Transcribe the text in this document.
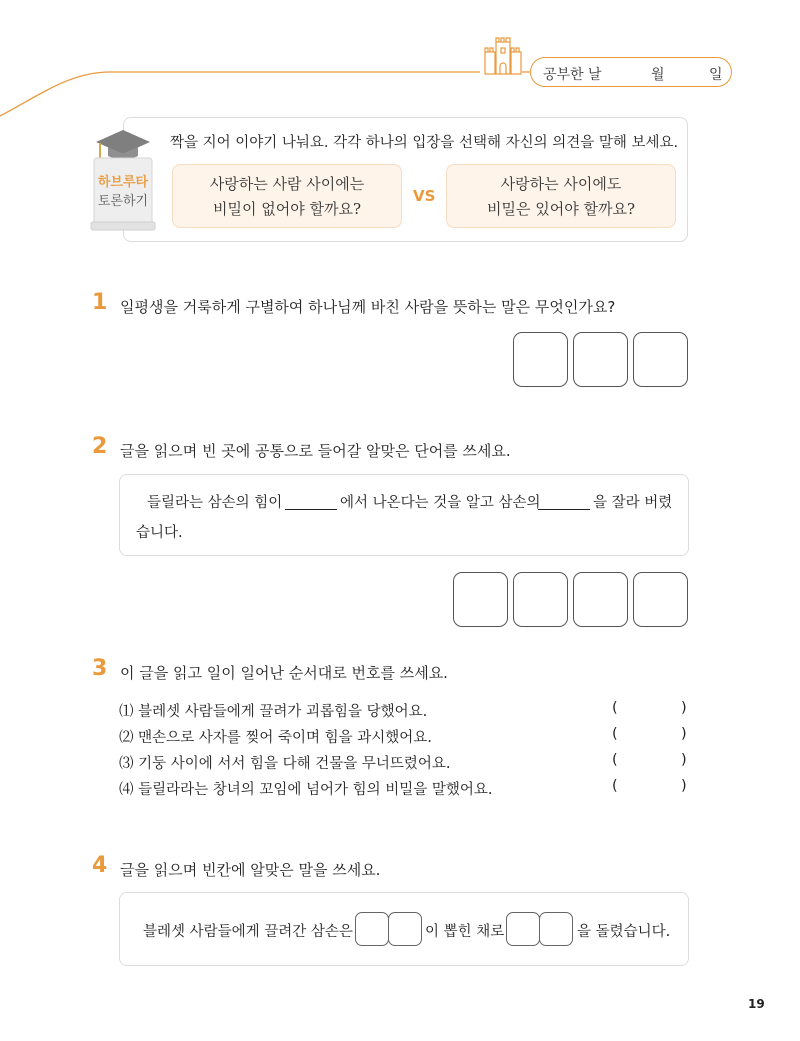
공부한 날	월	일
하브루타
토론하기
짝을 지어 이야기 나눠요. 각각 하나의 입장을 선택해 자신의 의견을 말해 보세요.
사랑하는 사람 사이에는
비밀이 없어야 할까요?
VS
사랑하는 사이에도
비밀은 있어야 할까요?
1 일평생을 거룩하게 구별하여 하나님께 바친 사람을 뜻하는 말은 무엇인가요?
2 글을 읽으며 빈 곳에 공통으로 들어갈 알맞은 단어를 쓰세요.
들릴라는 삼손의 힘이	에서 나온다는 것을 알고 삼손의	을 잘라 버렸
습니다.
3 이 글을 읽고 일이 일어난 순서대로 번호를 쓰세요.
⑴ 블레셋 사람들에게 끌려가 괴롭힘을 당했어요.	(	)
⑵ 맨손으로 사자를 찢어 죽이며 힘을 과시했어요.	(	)
⑶ 기둥 사이에 서서 힘을 다해 건물을 무너뜨렸어요.	(	)
⑷ 들릴라라는 창녀의 꼬임에 넘어가 힘의 비밀을 말했어요.	(	)
4 글을 읽으며 빈칸에 알맞은 말을 쓰세요.
블레셋 사람들에게 끌려간 삼손은	이 뽑힌 채로	을 돌렸습니다.
19
